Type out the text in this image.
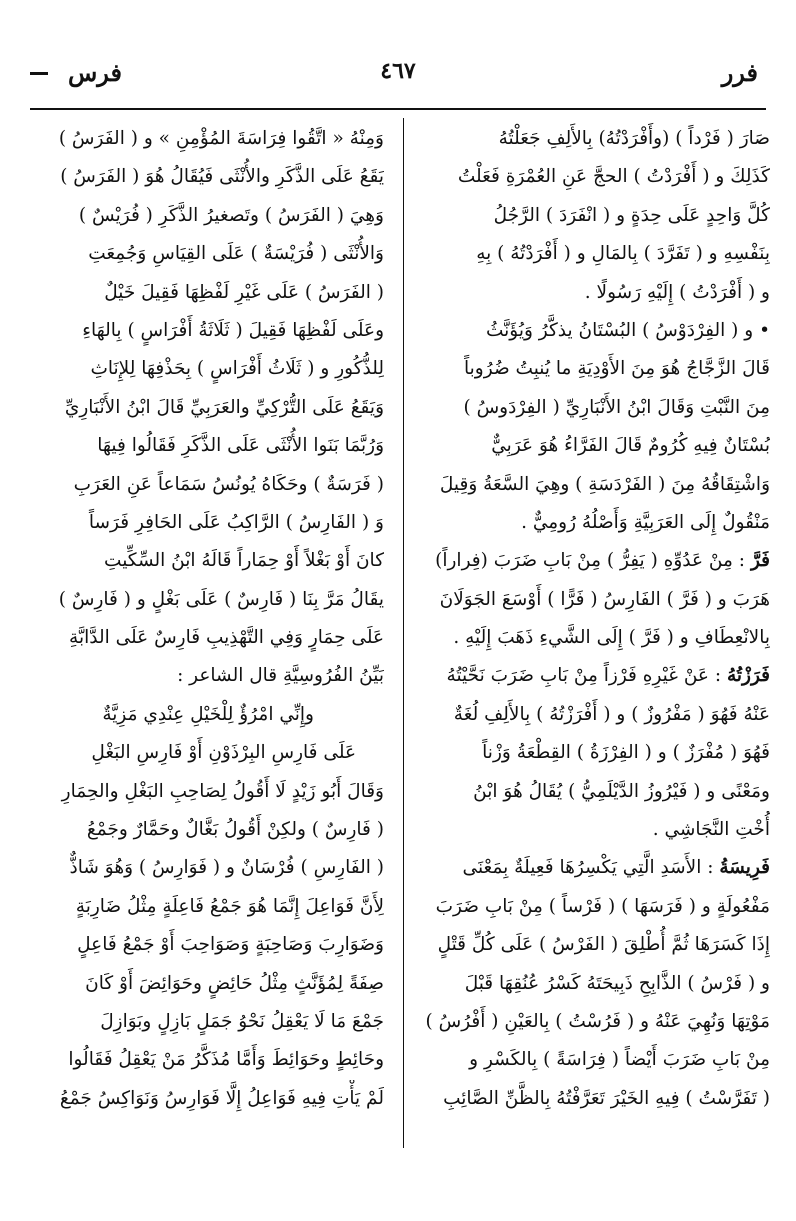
فرر
٤٦٧
فرس
صَارَ ( فَرْداً ) (وأَفْرَدْتُهُ) بِالأَلِفِ جَعَلْتُهُ
كَذَلِكَ و ( أَفْرَدْتُ ) الحجَّ عَنِ العُمْرَةِ فَعَلْتُ
كُلَّ وَاحِدٍ عَلَى حِدَةٍ و ( انْفَرَدَ ) الرَّجُلُ
بِنَفْسِهِ و ( تَفَرَّدَ ) بِالمَالِ و ( أَفْرَدْتُهُ ) بِهِ
و ( أَفْرَدْتُ ) إِلَيْهِ رَسُولًا .
• و ( الفِرْدَوْسُ ) البُسْتَانُ يذكَّرُ وَيُؤَنَّثُ
قَالَ الزَّجَّاجُ هُوَ مِنَ الأَوْدِيَةِ ما يُنبِتُ ضُرُوباً
مِنَ النَّبْتِ وَقَالَ ابْنُ الأَنْبَارِيِّ ( الفِرْدَوسُ )
بُسْتَانٌ فِيهِ كُرُومٌ قَالَ الفَرَّاءُ هُوَ عَرَبِيٌّ
وَاشْتِقَاقُهُ مِنَ ( الفَرْدَسَةِ ) وهِيَ السَّعَةُ وَقِيلَ
مَنْقُولٌ إِلَى العَرَبِيَّةِ وَأَصْلُهُ رُومِيٌّ .
فَرَّ : مِنْ عَدُوِّهِ ( يَفِرُّ ) مِنْ بَابِ ضَرَبَ (فِراراً)
هَرَبَ و ( فَرَّ ) الفَارِسُ ( فَرًّا ) أَوْسَعَ الجَوَلَانَ
بِالانْعِطَافِ و ( فَرَّ ) إِلَى الشَّيءِ ذَهَبَ إِلَيْهِ .
فَرَزْتُهُ : عَنْ غَيْرِهِ فَرْزاً مِنْ بَابِ ضَرَبَ نَحَّيْتُهُ
عَنْهُ فَهُوَ ( مَفْرُوزٌ ) و ( أَفْرَزْتُهُ ) بِالأَلِفِ لُغَةٌ
فَهُوَ ( مُفْرَزٌ ) و ( الفِرْزَةُ ) القِطْعَةُ وَزْناً
ومَعْنًى و ( فَيْرُوزُ الدَّيْلَمِيُّ ) يُقَالُ هُوَ ابْنُ
أُخْتِ النَّجَاشِي .
فَرِيسَةُ : الأَسَدِ الَّتِي يَكْسِرُهَا فَعِيلَةٌ بِمَعْنَى
مَفْعُولَةٍ و ( فَرَسَهَا ) ( فَرْساً ) مِنْ بَابِ ضَرَبَ
إِذَا كَسَرَهَا ثُمَّ أُطْلِقَ ( الفَرْسُ ) عَلَى كُلِّ قَتْلٍ
و ( فَرْسُ ) الذَّابِحِ ذَبِيحَتَهُ كَسْرُ عُنُقِهَا قَبْلَ
مَوْتِهَا وَنُهِيَ عَنْهُ و ( فَرُسْتُ ) بِالعَيْنِ ( أَفْرُسُ )
مِنْ بَابِ ضَرَبَ أَيْضاً ( فِرَاسَةً ) بِالكَسْرِ و
( تَفَرَّسْتُ ) فِيهِ الخَيْرَ تَعَرَّفْتُهُ بِالظَّنِّ الصَّائِبِ
وَمِنْهُ « اتَّقُوا فِرَاسَةَ المُؤْمِنِ » و ( الفَرَسُ )
يَقَعُ عَلَى الذَّكَرِ والأُنْثَى فَيُقَالُ هُوَ ( الفَرَسُ )
وَهِيَ ( الفَرَسُ ) وتَصغيرُ الذَّكَرِ ( فُرَيْسٌ )
وَالأُنْثَى ( فُرَيْسَةٌ ) عَلَى القِيَاسِ وَجُمِعَتِ
( الفَرَسُ ) عَلَى غَيْرِ لَفْظِهَا فَقِيلَ خَيْلٌ
وعَلَى لَفْظِهَا فَقِيلَ ( ثَلَاثَةُ أَفْرَاسٍ ) بِالهَاءِ
لِلذُّكُورِ و ( ثَلَاثُ أَفْرَاسٍ ) بِحَذْفِهَا لِلإِنَاثِ
وَيَقَعُ عَلَى التُّرْكِيِّ والعَرَبِيِّ قَالَ ابْنُ الأَنْبَارِيِّ
وَرُبَّمَا بَنَوا الأُنْثَى عَلَى الذَّكَرِ فَقَالُوا فِيهَا
( فَرَسَةٌ ) وحَكَاهُ يُونُسُ سَمَاعاً عَنِ العَرَبِ
وَ ( الفَارِسُ ) الرَّاكِبُ عَلَى الحَافِرِ فَرَساً
كانَ أَوْ بَغْلاً أَوْ حِمَاراً قَالَهُ ابْنُ السِّكِّيتِ
يقَالُ مَرَّ بِنَا ( فَارِسٌ ) عَلَى بَغْلٍ و ( فَارِسٌ )
عَلَى حِمَارٍ وَفِي التَّهْذِيبِ فَارِسٌ عَلَى الدَّابَّةِ
بَيِّنُ الفُرُوسِيَّةِ قال الشاعر :
وإِنِّي امْرُؤٌ لِلْخَيْلِ عِنْدِي مَزِيَّةٌ
عَلَى فَارِسِ البِرْذَوْنِ أَوْ فَارِسِ البَغْلِ
وَقَالَ أَبُو زَيْدٍ لَا أَقُولُ لِصَاحِبِ البَغْلِ والحِمَارِ
( فَارِسٌ ) ولكِنْ أَقُولُ بَغَّالٌ وحَمَّارٌ وجَمْعُ
( الفَارِسِ ) فُرْسَانٌ و ( فَوَارِسُ ) وَهُوَ شَاذٌّ
لِأَنَّ فَوَاعِلَ إِنَّمَا هُوَ جَمْعُ فَاعِلَةٍ مِثْلُ ضَارِبَةٍ
وَضَوَارِبَ وَصَاحِبَةٍ وَصَوَاحِبَ أَوْ جَمْعُ فَاعِلٍ
صِفَةً لِمُؤَنَّثٍ مِثْلُ حَائِضٍ وحَوَائِضَ أَوْ كَانَ
جَمْعَ مَا لَا يَعْقِلُ نَحْوُ جَمَلٍ بَازِلٍ وبَوَازِلَ
وحَائِطٍ وحَوَائِطَ وَأَمَّا مُذَكَّرُ مَنْ يَعْقِلُ فَقَالُوا
لَمْ يَأْتِ فِيهِ فَوَاعِلُ إِلَّا فَوَارِسُ وَنَوَاكِسُ جَمْعُ
